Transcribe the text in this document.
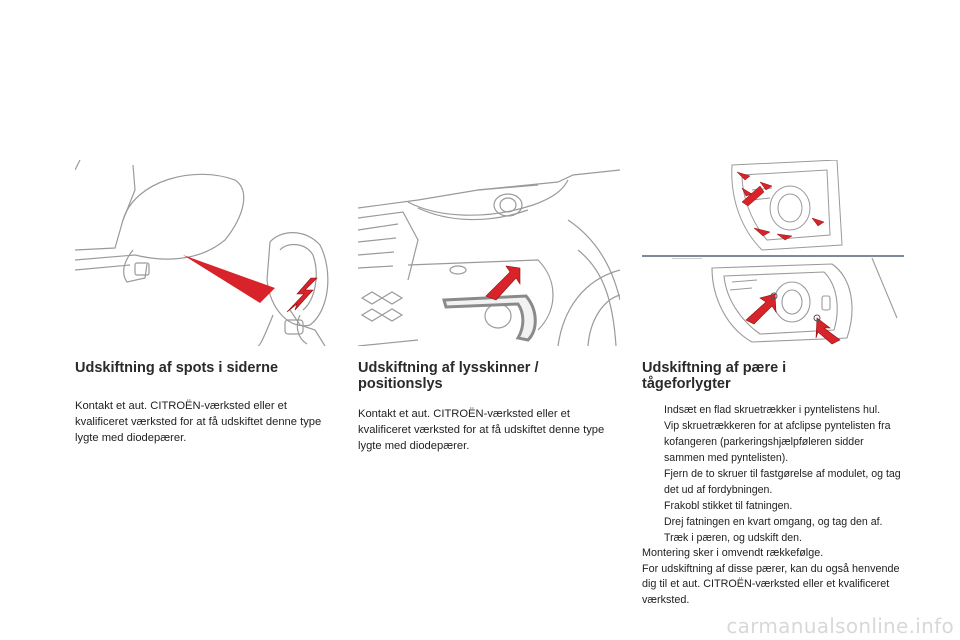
Udskiftning af spots i siderne

Kontakt et aut. CITROËN-værksted eller et kvalificeret værksted for at få udskiftet denne type lygte med diodepærer.

Udskiftning af lysskinner /
positionslys

Kontakt et aut. CITROËN-værksted eller et kvalificeret værksted for at få udskiftet denne type lygte med diodepærer.

Udskiftning af pære i
tågeforlygter
Indsæt en flad skruetrækker i pyntelistens hul.
Vip skruetrækkeren for at afclipse pyntelisten fra kofangeren (parkeringshjælpføleren sidder sammen med pyntelisten).
Fjern de to skruer til fastgørelse af modulet, og tag det ud af fordybningen.
Frakobl stikket til fatningen.
Drej fatningen en kvart omgang, og tag den af.
Træk i pæren, og udskift den.
Montering sker i omvendt rækkefølge.
For udskiftning af disse pærer, kan du også henvende dig til et aut. CITROËN-værksted eller et kvalificeret værksted.
carmanualsonline.info
